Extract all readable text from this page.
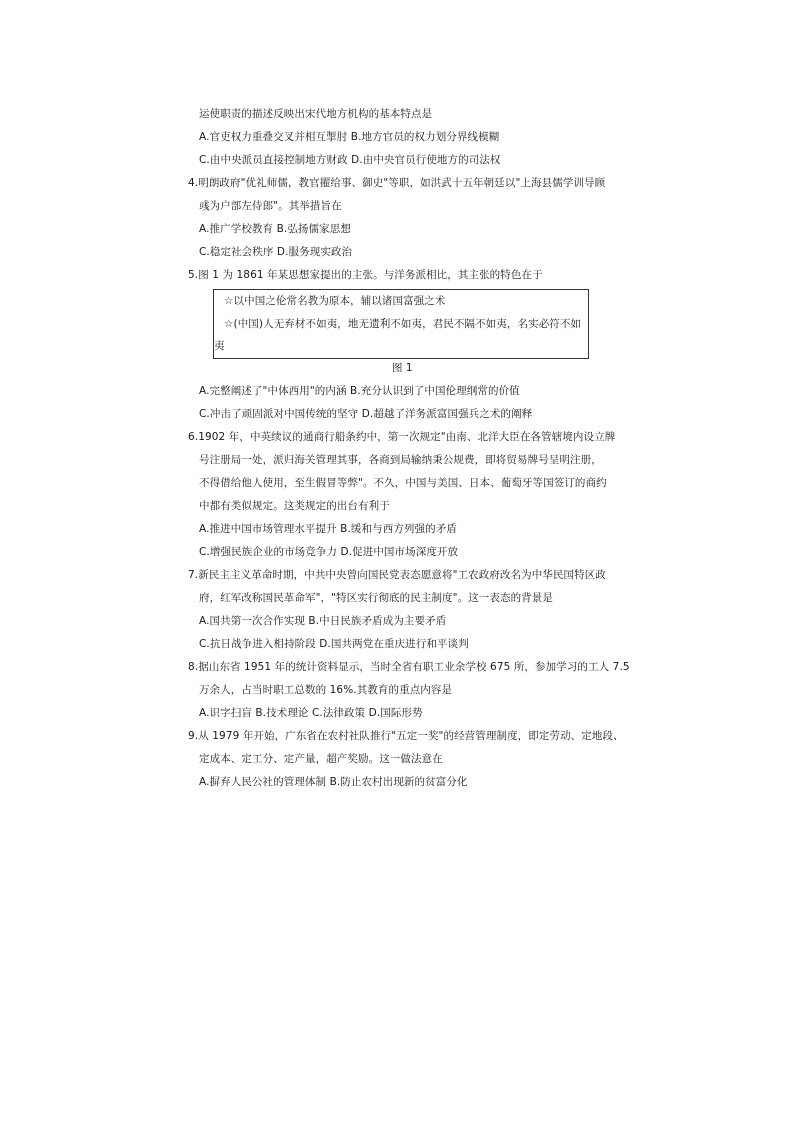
运使职责的描述反映出宋代地方机构的基本特点是
A.官吏权力重叠交叉并相互掣肘 B.地方官员的权力划分界线模糊
C.由中央派员直接控制地方财政 D.由中央官员行使地方的司法权
4.明朗政府"优礼师儒，教官擢给事、御史"等职，如洪武十五年朝廷以"上海县儒学训导顾
彧为户部左侍郎"。其举措旨在
A.推广学校教育 B.弘扬儒家思想
C.稳定社会秩序 D.服务现实政治
5.图 1 为 1861 年某思想家提出的主张。与洋务派相比，其主张的特色在于
☆以中国之伦常名教为原本，辅以诸国富强之术
☆(中国)人无弃材不如夷，地无遗利不如夷，君民不隔不如夷，名实必符不如
夷
图 1
A.完整阐述了"中体西用"的内涵 B.充分认识到了中国伦理纲常的价值
C.冲击了顽固派对中国传统的坚守 D.超越了洋务派富国强兵之术的阐释
6.1902 年，中英续议的通商行船条约中，第一次规定"由南、北洋大臣在各管辖境内设立牌
号注册局一处，派归海关管理其事，各商到局输纳秉公规费，即将贸易牌号呈明注册，
不得借给他人使用，至生假冒等弊"。不久，中国与美国、日本、葡萄牙等国签订的商约
中都有类似规定。这类规定的出台有利于
A.推进中国市场管理水平提升 B.缓和与西方列强的矛盾
C.增强民族企业的市场竞争力 D.促进中国市场深度开放
7.新民主主义革命时期，中共中央曾向国民党表态愿意将"工农政府改名为中华民国特区政
府，红军改称国民革命军"，"特区实行彻底的民主制度"。这一表态的背景是
A.国共第一次合作实现 B.中日民族矛盾成为主要矛盾
C.抗日战争进入相持阶段 D.国共两党在重庆进行和平谈判
8.据山东省 1951 年的统计资料显示，当时全省有职工业余学校 675 所，参加学习的工人 7.5
万余人，占当时职工总数的 16%.其教育的重点内容是
A.识字扫盲 B.技术理论 C.法律政策 D.国际形势
9.从 1979 年开始，广东省在农村社队推行"五定一奖"的经营管理制度，即定劳动、定地段、
定成本、定工分、定产量，超产奖励。这一做法意在
A.摒弃人民公社的管理体制 B.防止农村出现新的贫富分化
